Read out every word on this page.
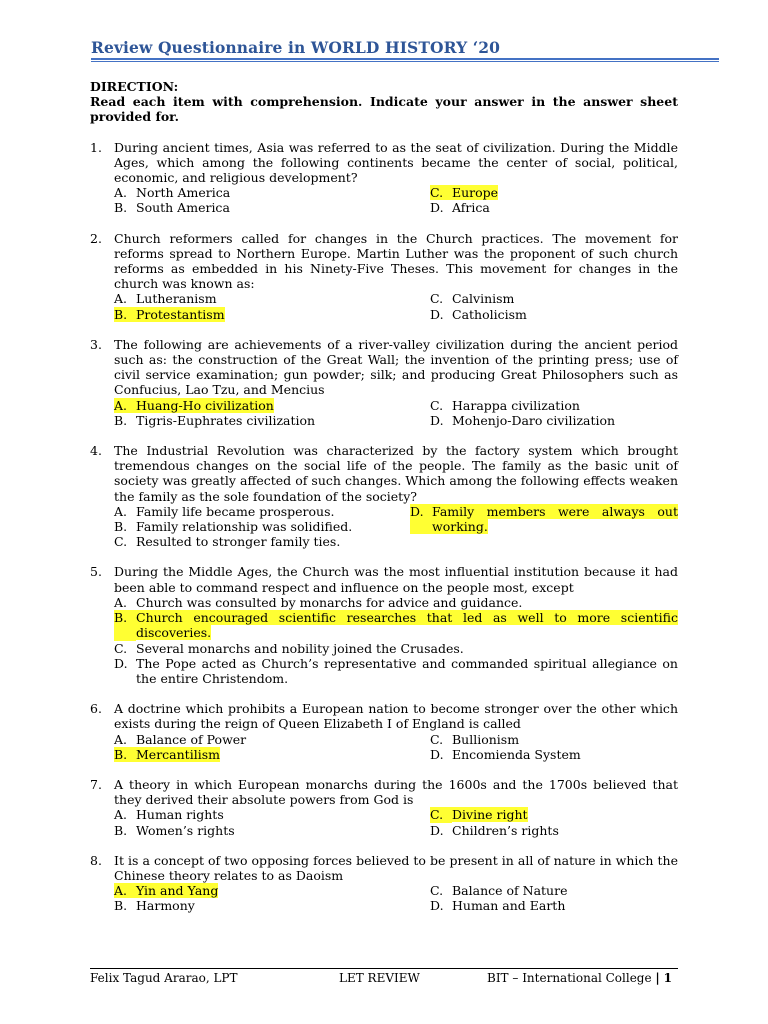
Review Questionnaire in WORLD HISTORY ‘20
DIRECTION:
Read each item with comprehension. Indicate your answer in the answer sheet provided for.
1. During ancient times, Asia was referred to as the seat of civilization. During the Middle Ages, which among the following continents became the center of social, political, economic, and religious development?
A. North America	C. Europe
B. South America	D. Africa
2. Church reformers called for changes in the Church practices. The movement for reforms spread to Northern Europe. Martin Luther was the proponent of such church reforms as embedded in his Ninety-Five Theses. This movement for changes in the church was known as:
A. Lutheranism	C. Calvinism
B. Protestantism	D. Catholicism
3. The following are achievements of a river-valley civilization during the ancient period such as: the construction of the Great Wall; the invention of the printing press; use of civil service examination; gun powder; silk; and producing Great Philosophers such as Confucius, Lao Tzu, and Mencius
A. Huang-Ho civilization	C. Harappa civilization
B. Tigris-Euphrates civilization	D. Mohenjo-Daro civilization
4. The Industrial Revolution was characterized by the factory system which brought tremendous changes on the social life of the people. The family as the basic unit of society was greatly affected of such changes. Which among the following effects weaken the family as the sole foundation of the society?
A. Family life became prosperous.
B. Family relationship was solidified.
C. Resulted to stronger family ties.
D. Family members were always out working.
5. During the Middle Ages, the Church was the most influential institution because it had been able to command respect and influence on the people most, except
A. Church was consulted by monarchs for advice and guidance.
B. Church encouraged scientific researches that led as well to more scientific discoveries.
C. Several monarchs and nobility joined the Crusades.
D. The Pope acted as Church’s representative and commanded spiritual allegiance on the entire Christendom.
6. A doctrine which prohibits a European nation to become stronger over the other which exists during the reign of Queen Elizabeth I of England is called
A. Balance of Power	C. Bullionism
B. Mercantilism	D. Encomienda System
7. A theory in which European monarchs during the 1600s and the 1700s believed that they derived their absolute powers from God is
A. Human rights	C. Divine right
B. Women’s rights	D. Children’s rights
8. It is a concept of two opposing forces believed to be present in all of nature in which the Chinese theory relates to as Daoism
A. Yin and Yang	C. Balance of Nature
B. Harmony	D. Human and Earth
Felix Tagud Ararao, LPT	LET REVIEW	BIT – International College | 1
